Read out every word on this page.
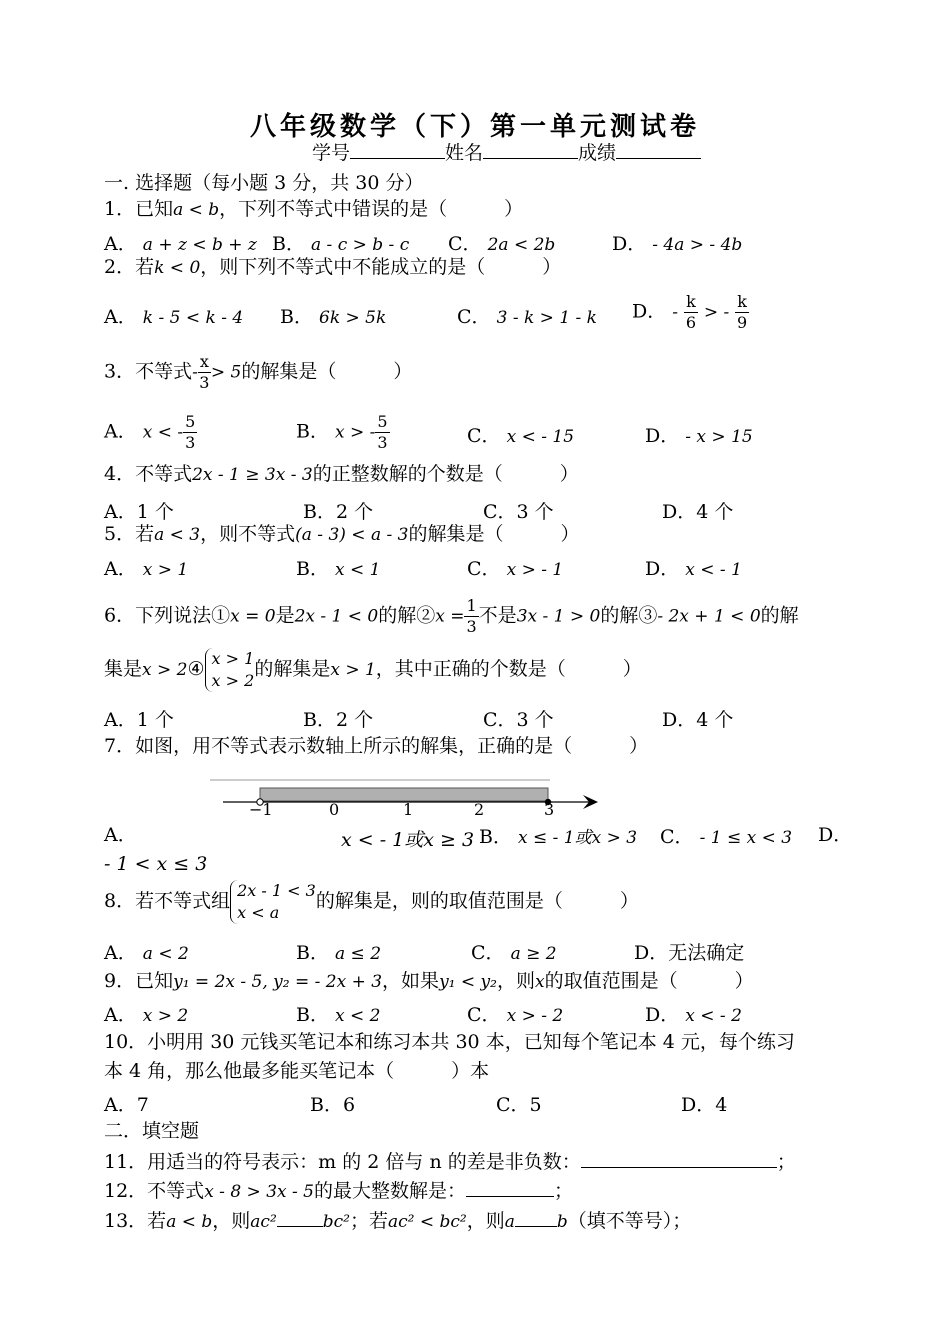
八年级数学（下）第一单元测试卷
学号	姓名	成绩
一. 选择题（每小题 3 分，共 30 分）
1．已知a < b，下列不等式中错误的是（　　　）
A． a + z < b + z B． a - c > b - c C． 2a < 2b	D． - 4a > - 4b
2．若k < 0，则下列不等式中不能成立的是（　　　）
A． k - 5 < k - 4 B． 6k > 5k	C． 3 - k > 1 - k D． - $\frac{k}{6}$ > - $\frac{k}{9}$
3．不等式- $\frac{x}{3} > 5$的解集是（　　　）
A． x < - $\frac{5}{3}$	B． x > - $\frac{5}{3}$	C． x < - 15	D． - x > 15
4．不等式2x - 1 ≥ 3x - 3的正整数解的个数是（　　　）
A．1 个	B．2 个	C．3 个	D．4 个
5．若a < 3，则不等式(a - 3) < a - 3的解集是（　　　）
A． x > 1	B． x < 1	C． x > - 1	D． x < - 1
6．下列说法①x = 0是2x - 1 < 0的解②x = $\frac{1}{3}$ 不是3x - 1 > 0的解③- 2x + 1 < 0的解
集是x > 2④ x > 1
x > 2
的解集是x > 1，其中正确的个数是（　　　）
A．1 个	B．2 个	C．3 个	D．4 个
7．如图，用不等式表示数轴上所示的解集，正确的是（　　　）
−1	0	1	2	3
A．	x < - 1或x ≥ 3 B． x ≤ - 1或x > 3 C． - 1 ≤ x < 3 D．
- 1 < x ≤ 3
8．若不等式组 2x - 1 < 3
x < a
的解集是，则的取值范围是（　　　）
A． a < 2	B． a ≤ 2	C． a ≥ 2	D．无法确定
9．已知y₁ = 2x - 5, y₂ = - 2x + 3，如果y₁ < y₂，则x的取值范围是（　　　）
A． x > 2	B． x < 2	C． x > - 2	D． x < - 2
10．小明用 30 元钱买笔记本和练习本共 30 本，已知每个笔记本 4 元，每个练习
本 4 角，那么他最多能买笔记本（　　　）本
A．7	B．6	C．5	D．4
二．填空题
11．用适当的符号表示：m 的 2 倍与 n 的差是非负数：	；
12．不等式x - 8 > 3x - 5的最大整数解是：	；
13．若a < b，则ac²	bc²；若ac² < bc²，则a b（填不等号）；
